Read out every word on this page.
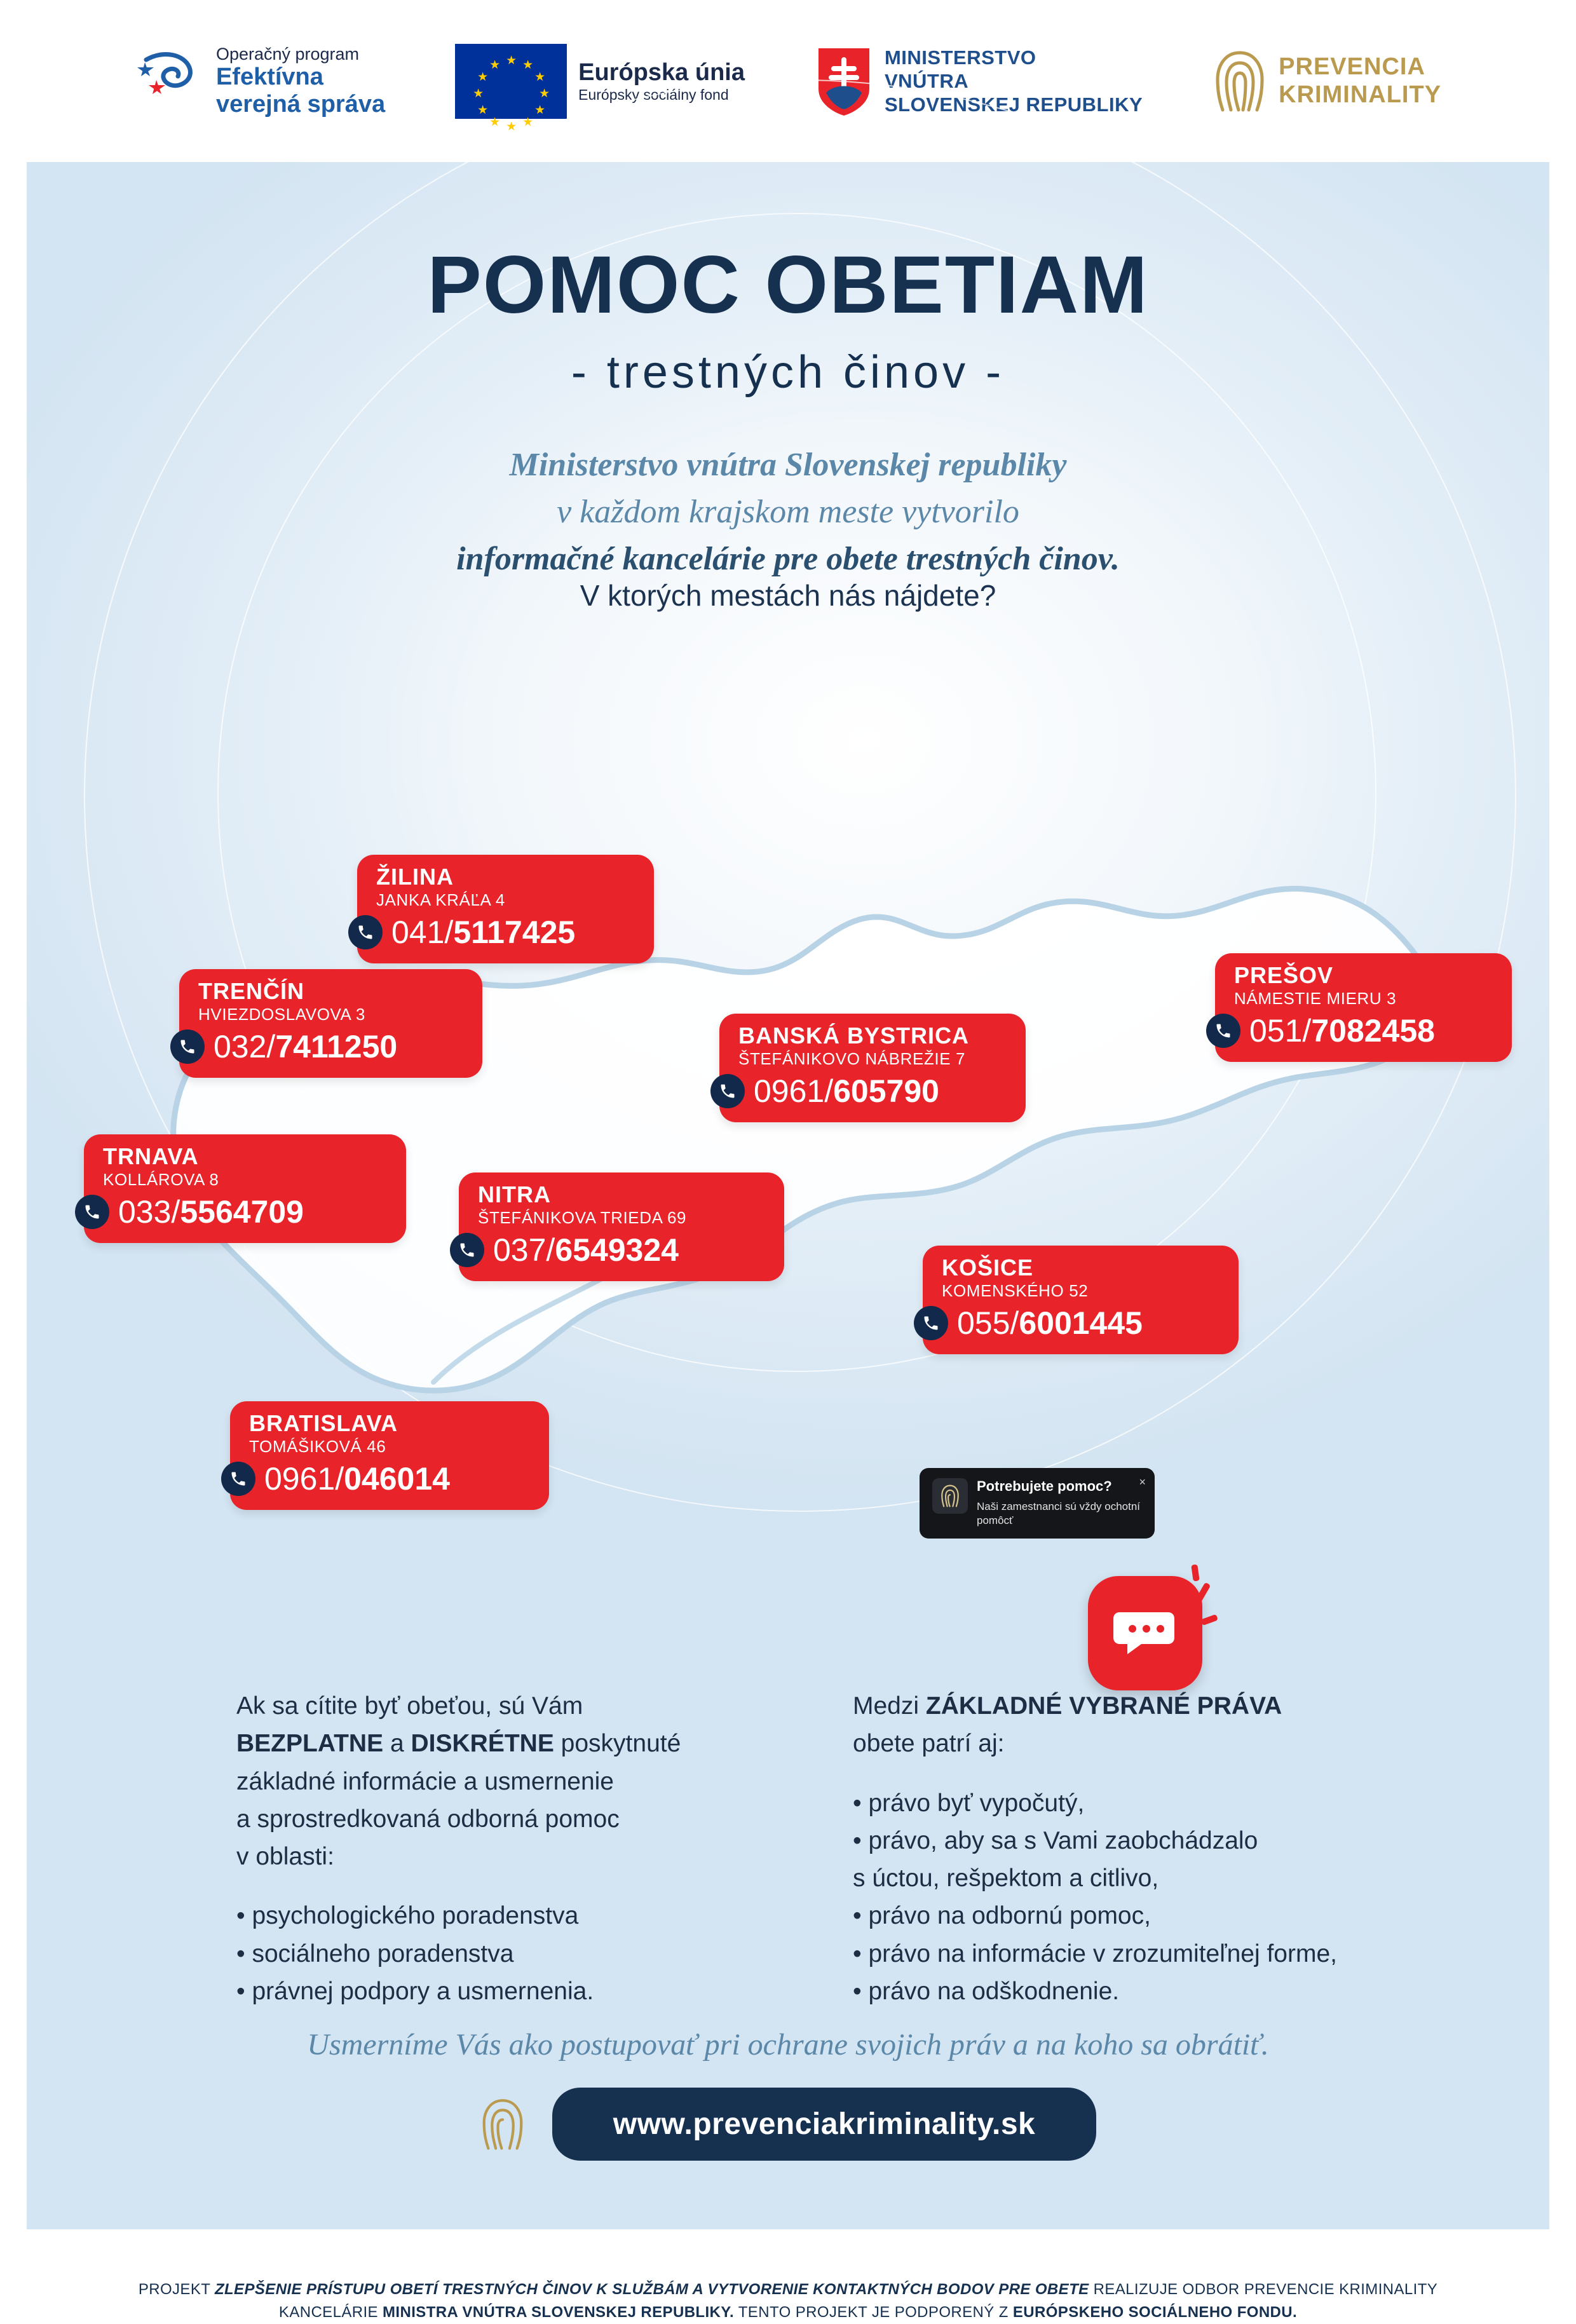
Operačný program
Efektívna
verejná správa
★ ★
★
★
★
★
★
★
★
★
★
★	Európska únia
Európsky sociálny fond
MINISTERSTVO
VNÚTRA
SLOVENSKEJ REPUBLIKY
PREVENCIA
KRIMINALITY
POMOC OBETIAM
- trestných činov -
Ministerstvo vnútra Slovenskej republiky
v každom krajskom meste vytvorilo
informačné kancelárie pre obete trestných činov.
V ktorých mestách nás nájdete?
ŽILINA
JANKA KRÁĽA 4
041/5117425
TRENČÍN
HVIEZDOSLAVOVA 3
032/7411250	BANSKÁ BYSTRICA
ŠTEFÁNIKOVO NÁBREŽIE 7
0961/605790
PREŠOV
NÁMESTIE MIERU 3
051/7082458
TRNAVA
KOLLÁROVA 8
033/5564709	NITRA
ŠTEFÁNIKOVA TRIEDA 69
037/6549324	KOŠICE
KOMENSKÉHO 52
055/6001445
BRATISLAVA
TOMÁŠIKOVÁ 46
0961/046014	Potrebujete pomoc?
Naši zamestnanci sú vždy ochotní pomôcť
×
Ak sa cítite byť obeťou, sú Vám
BEZPLATNE a DISKRÉTNE poskytnuté
základné informácie a usmernenie
a sprostredkovaná odborná pomoc
v oblasti:
• psychologického poradenstva
• sociálneho poradenstva
• právnej podpory a usmernenia.
Medzi ZÁKLADNÉ VYBRANÉ PRÁVA
obete patrí aj:
• právo byť vypočutý,
• právo, aby sa s Vami zaobchádzalo
s úctou, rešpektom a citlivo,
• právo na odbornú pomoc,
• právo na informácie v zrozumiteľnej forme,
• právo na odškodnenie.
Usmerníme Vás ako postupovať pri ochrane svojich práv a na koho sa obrátiť.
www.prevenciakriminality.sk
PROJEKT ZLEPŠENIE PRÍSTUPU OBETÍ TRESTNÝCH ČINOV K SLUŽBÁM A VYTVORENIE KONTAKTNÝCH BODOV PRE OBETE REALIZUJE ODBOR PREVENCIE KRIMINALITY
KANCELÁRIE MINISTRA VNÚTRA SLOVENSKEJ REPUBLIKY. TENTO PROJEKT JE PODPORENÝ Z EURÓPSKEHO SOCIÁLNEHO FONDU.
